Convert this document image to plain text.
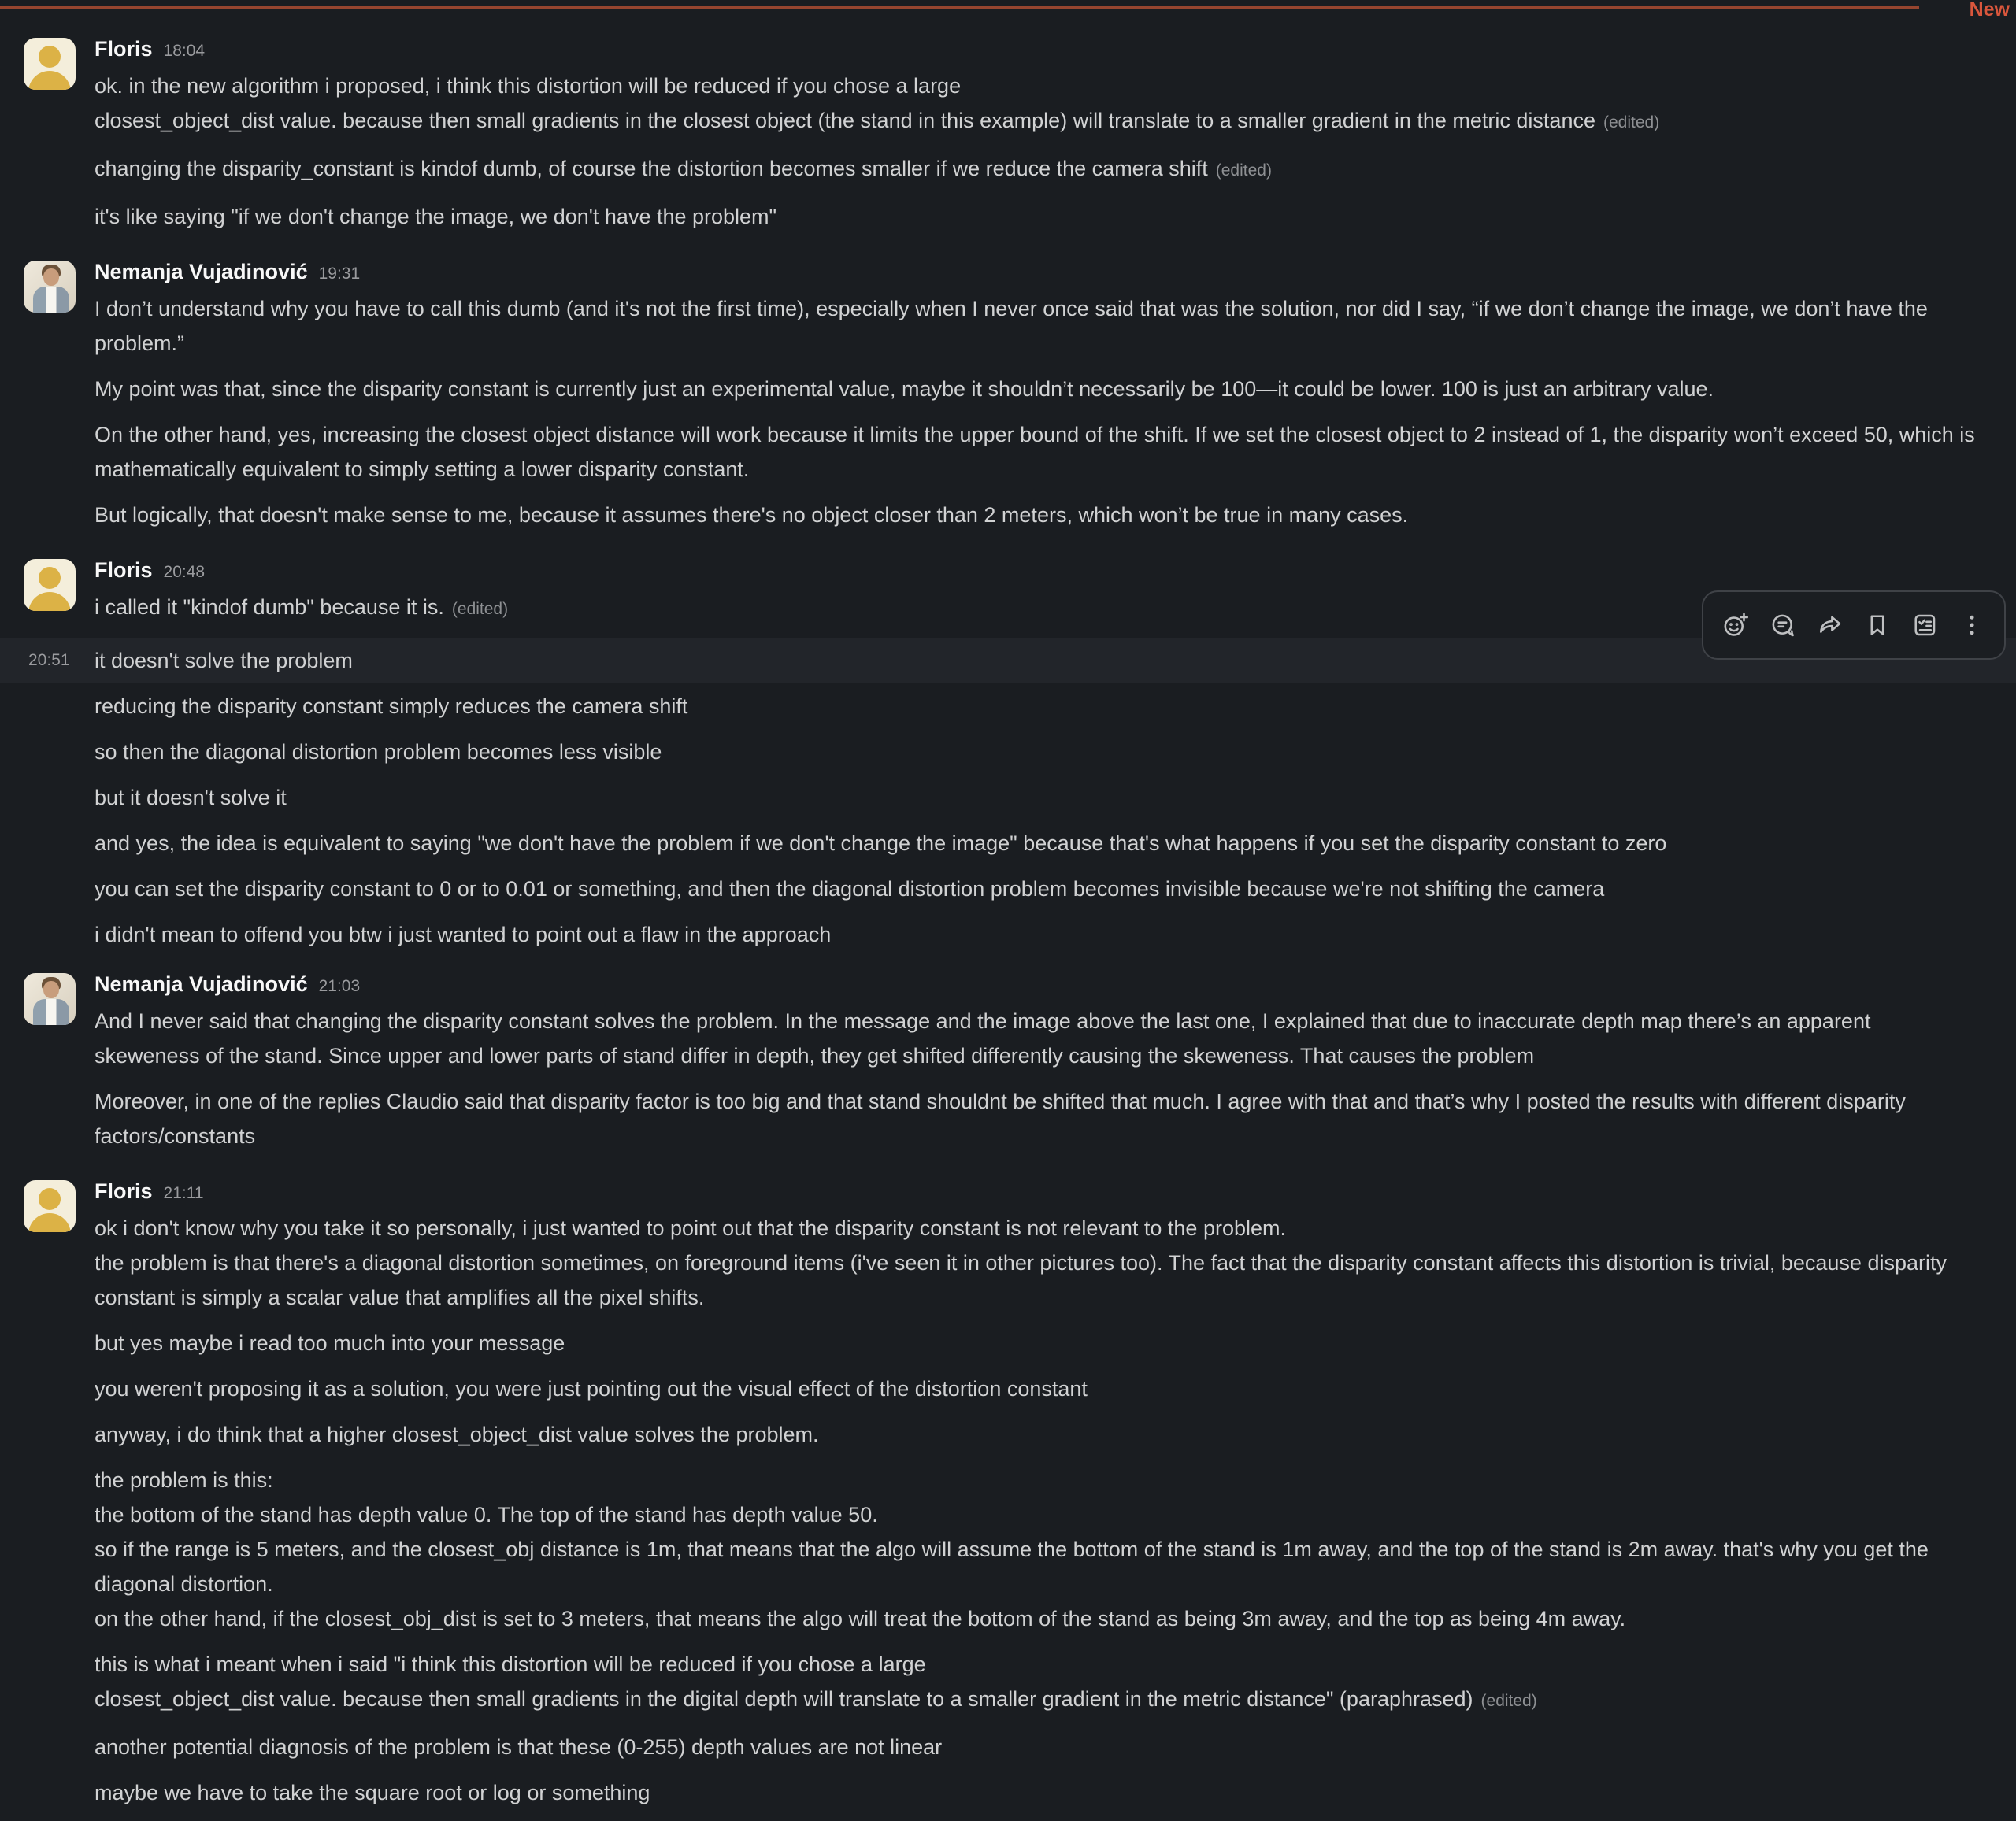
New
Floris 18:04
ok. in the new algorithm i proposed, i think this distortion will be reduced if you chose a large
closest_object_dist value. because then small gradients in the closest object (the stand in this example) will translate to a smaller gradient in the metric distance (edited)
changing the disparity_constant is kindof dumb, of course the distortion becomes smaller if we reduce the camera shift (edited)
it's like saying "if we don't change the image, we don't have the problem"
Nemanja Vujadinović 19:31
I don’t understand why you have to call this dumb (and it's not the first time), especially when I never once said that was the solution, nor did I say, “if we don’t change the image, we don’t have the problem.”
My point was that, since the disparity constant is currently just an experimental value, maybe it shouldn’t necessarily be 100—it could be lower. 100 is just an arbitrary value.
On the other hand, yes, increasing the closest object distance will work because it limits the upper bound of the shift. If we set the closest object to 2 instead of 1, the disparity won’t exceed 50, which is mathematically equivalent to simply setting a lower disparity constant.
But logically, that doesn't make sense to me, because it assumes there's no object closer than 2 meters, which won’t be true in many cases.
Floris 20:48
i called it "kindof dumb" because it is. (edited)
20:51	it doesn't solve the problem
reducing the disparity constant simply reduces the camera shift
so then the diagonal distortion problem becomes less visible
but it doesn't solve it
and yes, the idea is equivalent to saying "we don't have the problem if we don't change the image" because that's what happens if you set the disparity constant to zero
you can set the disparity constant to 0 or to 0.01 or something, and then the diagonal distortion problem becomes invisible because we're not shifting the camera
i didn't mean to offend you btw i just wanted to point out a flaw in the approach
Nemanja Vujadinović 21:03
And I never said that changing the disparity constant solves the problem. In the message and the image above the last one, I explained that due to inaccurate depth map there’s an apparent skeweness of the stand. Since upper and lower parts of stand differ in depth, they get shifted differently causing the skeweness. That causes the problem
Moreover, in one of the replies Claudio said that disparity factor is too big and that stand shouldnt be shifted that much. I agree with that and that’s why I posted the results with different disparity factors/constants
Floris 21:11
ok i don't know why you take it so personally, i just wanted to point out that the disparity constant is not relevant to the problem.
the problem is that there's a diagonal distortion sometimes, on foreground items (i've seen it in other pictures too). The fact that the disparity constant affects this distortion is trivial, because disparity constant is simply a scalar value that amplifies all the pixel shifts.
but yes maybe i read too much into your message
you weren't proposing it as a solution, you were just pointing out the visual effect of the distortion constant
anyway, i do think that a higher closest_object_dist value solves the problem.
the problem is this:
the bottom of the stand has depth value 0. The top of the stand has depth value 50.
so if the range is 5 meters, and the closest_obj distance is 1m, that means that the algo will assume the bottom of the stand is 1m away, and the top of the stand is 2m away. that's why you get the diagonal distortion.
on the other hand, if the closest_obj_dist is set to 3 meters, that means the algo will treat the bottom of the stand as being 3m away, and the top as being 4m away.
this is what i meant when i said "i think this distortion will be reduced if you chose a large
closest_object_dist value. because then small gradients in the digital depth will translate to a smaller gradient in the metric distance" (paraphrased) (edited)
another potential diagnosis of the problem is that these (0-255) depth values are not linear
maybe we have to take the square root or log or something
